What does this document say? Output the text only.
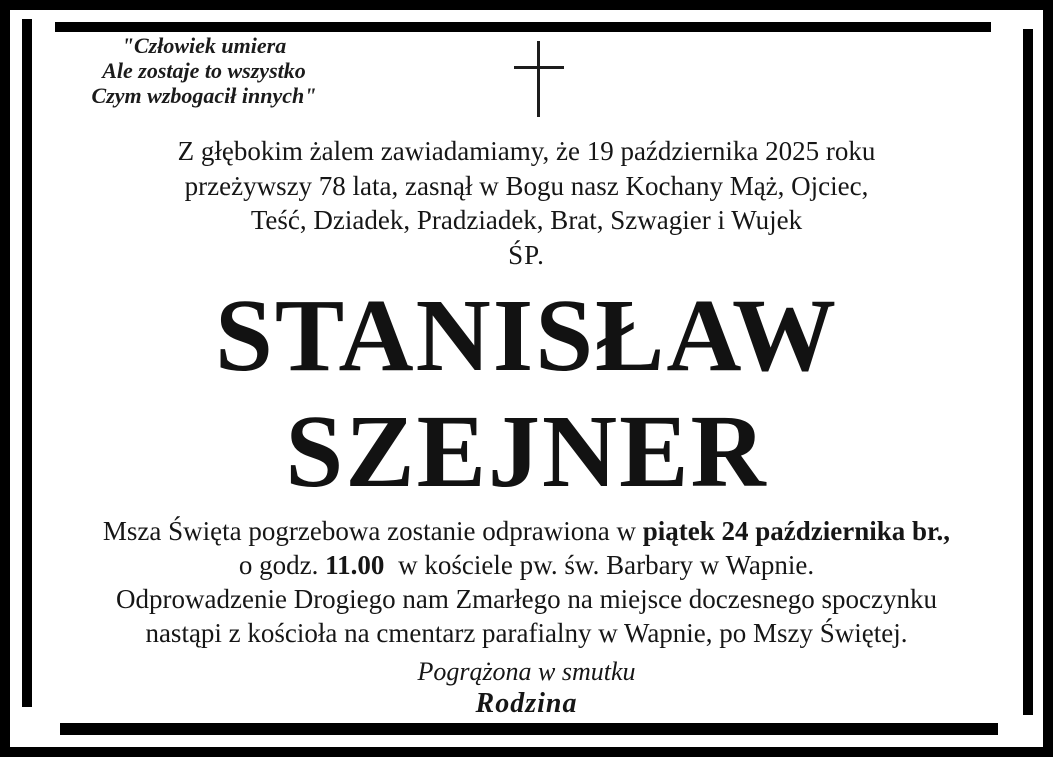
"Człowiek umiera
Ale zostaje to wszystko
Czym wzbogacił innych"
Z głębokim żalem zawiadamiamy, że 19 października 2025 roku
przeżywszy 78 lata, zasnął w Bogu nasz Kochany Mąż, Ojciec,
Teść, Dziadek, Pradziadek, Brat, Szwagier i Wujek
ŚP.
STANISŁAW
SZEJNER
Msza Święta pogrzebowa zostanie odprawiona w piątek 24 października br.,
o godz. 11.00 w kościele pw. św. Barbary w Wapnie.
Odprowadzenie Drogiego nam Zmarłego na miejsce doczesnego spoczynku
nastąpi z kościoła na cmentarz parafialny w Wapnie, po Mszy Świętej.
Pogrążona w smutku
Rodzina
